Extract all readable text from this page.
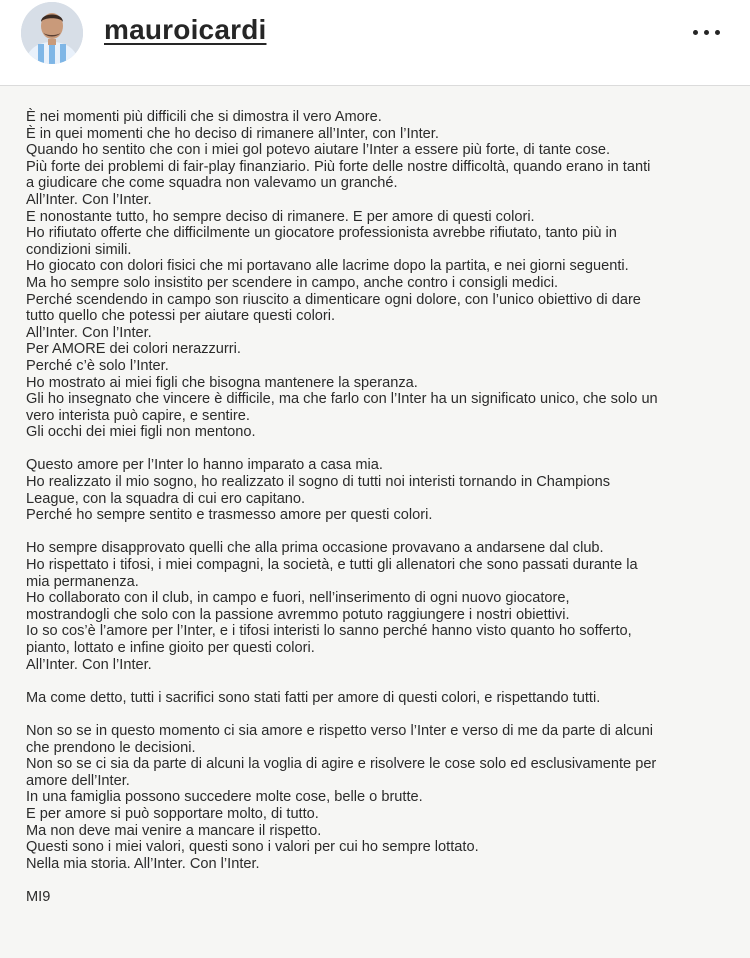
mauroicardi
È nei momenti più difficili che si dimostra il vero Amore.
È in quei momenti che ho deciso di rimanere all’Inter, con l’Inter.
Quando ho sentito che con i miei gol potevo aiutare l’Inter a essere più forte, di tante cose.
Più forte dei problemi di fair-play finanziario. Più forte delle nostre difficoltà, quando erano in tanti
a giudicare che come squadra non valevamo un granché.
All’Inter. Con l’Inter.
E nonostante tutto, ho sempre deciso di rimanere. E per amore di questi colori.
Ho rifiutato offerte che difficilmente un giocatore professionista avrebbe rifiutato, tanto più in
condizioni simili.
Ho giocato con dolori fisici che mi portavano alle lacrime dopo la partita, e nei giorni seguenti.
Ma ho sempre solo insistito per scendere in campo, anche contro i consigli medici.
Perché scendendo in campo son riuscito a dimenticare ogni dolore, con l’unico obiettivo di dare
tutto quello che potessi per aiutare questi colori.
All’Inter. Con l’Inter.
Per AMORE dei colori nerazzurri.
Perché c’è solo l’Inter.
Ho mostrato ai miei figli che bisogna mantenere la speranza.
Gli ho insegnato che vincere è difficile, ma che farlo con l’Inter ha un significato unico, che solo un
vero interista può capire, e sentire.
Gli occhi dei miei figli non mentono.
Questo amore per l’Inter lo hanno imparato a casa mia.
Ho realizzato il mio sogno, ho realizzato il sogno di tutti noi interisti tornando in Champions
League, con la squadra di cui ero capitano.
Perché ho sempre sentito e trasmesso amore per questi colori.
Ho sempre disapprovato quelli che alla prima occasione provavano a andarsene dal club.
Ho rispettato i tifosi, i miei compagni, la società, e tutti gli allenatori che sono passati durante la
mia permanenza.
Ho collaborato con il club, in campo e fuori, nell’inserimento di ogni nuovo giocatore,
mostrandogli che solo con la passione avremmo potuto raggiungere i nostri obiettivi.
Io so cos’è l’amore per l’Inter, e i tifosi interisti lo sanno perché hanno visto quanto ho sofferto,
pianto, lottato e infine gioito per questi colori.
All’Inter. Con l’Inter.
Ma come detto, tutti i sacrifici sono stati fatti per amore di questi colori, e rispettando tutti.
Non so se in questo momento ci sia amore e rispetto verso l’Inter e verso di me da parte di alcuni
che prendono le decisioni.
Non so se ci sia da parte di alcuni la voglia di agire e risolvere le cose solo ed esclusivamente per
amore dell’Inter.
In una famiglia possono succedere molte cose, belle o brutte.
E per amore si può sopportare molto, di tutto.
Ma non deve mai venire a mancare il rispetto.
Questi sono i miei valori, questi sono i valori per cui ho sempre lottato.
Nella mia storia. All’Inter. Con l’Inter.
MI9
